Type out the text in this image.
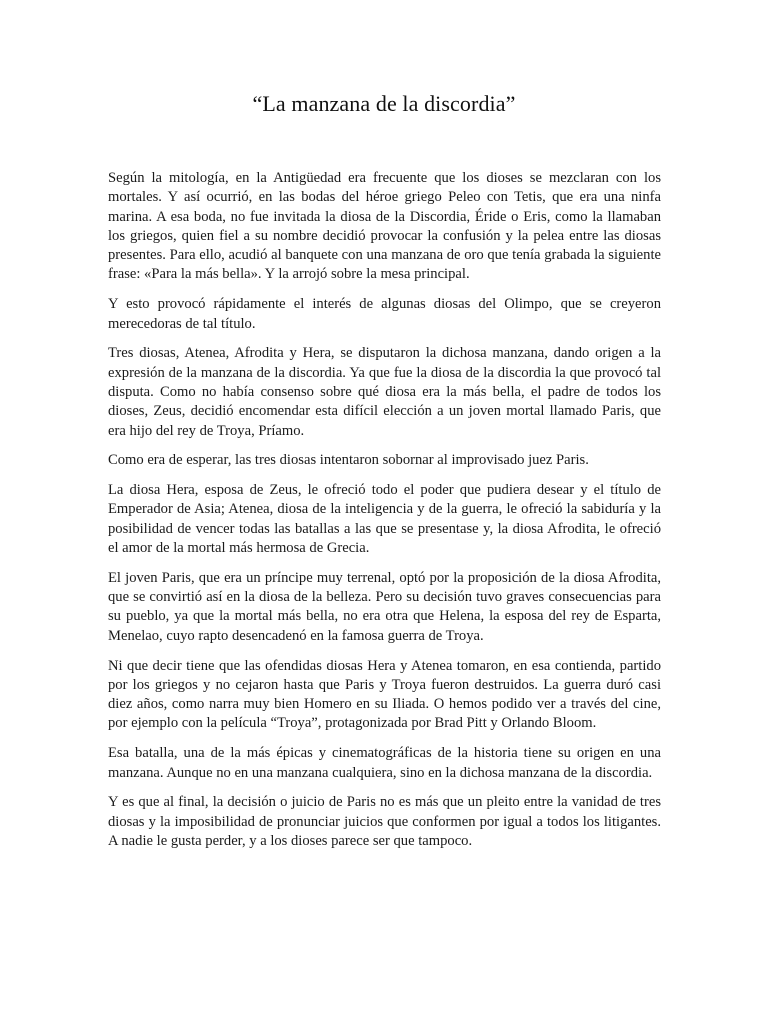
“La manzana de la discordia”

Según la mitología, en la Antigüedad era frecuente que los dioses se mezclaran con los mortales. Y así ocurrió, en las bodas del héroe griego Peleo con Tetis, que era una ninfa marina. A esa boda, no fue invitada la diosa de la Discordia, Éride o Eris, como la llamaban los griegos, quien fiel a su nombre decidió provocar la confusión y la pelea entre las diosas presentes. Para ello, acudió al banquete con una manzana de oro que tenía grabada la siguiente frase: «Para la más bella». Y la arrojó sobre la mesa principal.

Y esto provocó rápidamente el interés de algunas diosas del Olimpo, que se creyeron merecedoras de tal título.

Tres diosas, Atenea, Afrodita y Hera, se disputaron la dichosa manzana, dando origen a la expresión de la manzana de la discordia. Ya que fue la diosa de la discordia la que provocó tal disputa. Como no había consenso sobre qué diosa era la más bella, el padre de todos los dioses, Zeus, decidió encomendar esta difícil elección a un joven mortal llamado Paris, que era hijo del rey de Troya, Príamo.

Como era de esperar, las tres diosas intentaron sobornar al improvisado juez Paris.

La diosa Hera, esposa de Zeus, le ofreció todo el poder que pudiera desear y el título de Emperador de Asia; Atenea, diosa de la inteligencia y de la guerra, le ofreció la sabiduría y la posibilidad de vencer todas las batallas a las que se presentase y, la diosa Afrodita, le ofreció el amor de la mortal más hermosa de Grecia.

El joven Paris, que era un príncipe muy terrenal, optó por la proposición de la diosa Afrodita, que se convirtió así en la diosa de la belleza. Pero su decisión tuvo graves consecuencias para su pueblo, ya que la mortal más bella, no era otra que Helena, la esposa del rey de Esparta, Menelao, cuyo rapto desencadenó en la famosa guerra de Troya.

Ni que decir tiene que las ofendidas diosas Hera y Atenea tomaron, en esa contienda, partido por los griegos y no cejaron hasta que Paris y Troya fueron destruidos. La guerra duró casi diez años, como narra muy bien Homero en su Iliada. O hemos podido ver a través del cine, por ejemplo con la película “Troya”, protagonizada por Brad Pitt y Orlando Bloom.

Esa batalla, una de la más épicas y cinematográficas de la historia tiene su origen en una manzana. Aunque no en una manzana cualquiera, sino en la dichosa manzana de la discordia.

Y es que al final, la decisión o juicio de Paris no es más que un pleito entre la vanidad de tres diosas y la imposibilidad de pronunciar juicios que conformen por igual a todos los litigantes. A nadie le gusta perder, y a los dioses parece ser que tampoco.
